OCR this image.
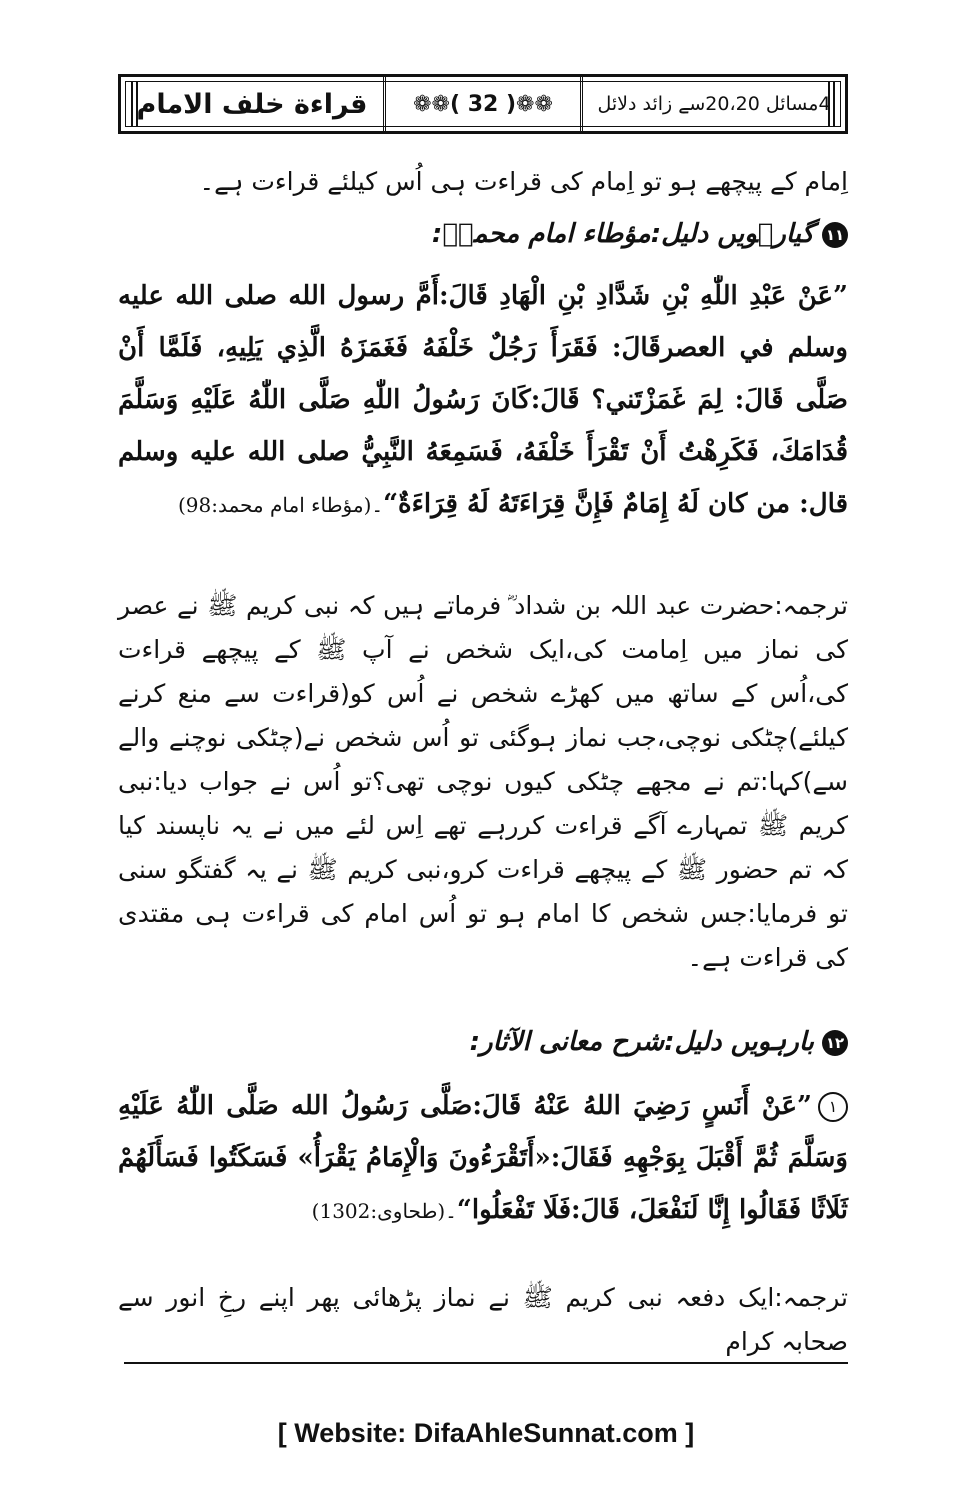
قراءة خلف الامام	❁❁( 32 )❁❁	4مسائل 20،20سے زائد دلائل
اِمام کے پیچھے ہو تو اِمام کی قراءت ہی اُس کیلئے قراءت ہے۔
۱۱گیارہویں دلیل:مؤطاء امام محمدؒ:
”عَنْ عَبْدِ اللّٰهِ بْنِ شَدَّادِ بْنِ الْهَادِ قَالَ:أَمَّ رسول الله صلى الله عليه وسلم في العصرقَالَ: فَقَرَأَ رَجُلٌ خَلْفَهُ فَغَمَزَهُ الَّذِي يَلِيهِ، فَلَمَّا أَنْ صَلَّى قَالَ: لِمَ غَمَزْتَني؟ قَالَ:كَانَ رَسُولُ اللّٰهِ صَلَّى اللّٰهُ عَلَيْهِ وَسَلَّمَ قُدَامَكَ، فَكَرِهْتُ أَنْ تَقْرَأَ خَلْفَهُ، فَسَمِعَهُ النَّبِيُّ صلى الله عليه وسلم قال: من كان لَهُ إِمَامٌ فَإِنَّ قِرَاءَتَهُ لَهُ قِرَاءَةٌ“۔(مؤطاء امام محمد:98)
ترجمہ:حضرت عبد اللہ بن شداد ؓ فرماتے ہیں کہ نبی کریم ﷺ نے عصر کی نماز میں اِمامت کی،ایک شخص نے آپ ﷺ کے پیچھے قراءت کی،اُس کے ساتھ میں کھڑے شخص نے اُس کو(قراءت سے منع کرنے کیلئے)چٹکی نوچی،جب نماز ہوگئی تو اُس شخص نے(چٹکی نوچنے والے سے)کہا:تم نے مجھے چٹکی کیوں نوچی تھی؟تو اُس نے جواب دیا:نبی کریم ﷺ تمہارے آگے قراءت کررہے تھے اِس لئے میں نے یہ ناپسند کیا کہ تم حضور ﷺ کے پیچھے قراءت کرو،نبی کریم ﷺ نے یہ گفتگو سنی تو فرمایا:جس شخص کا امام ہو تو اُس امام کی قراءت ہی مقتدی کی قراءت ہے۔
۱۲بارہویں دلیل:شرح معانی الآثار:
١”عَنْ أَنَسٍ رَضِيَ اللهُ عَنْهُ قَالَ:صَلَّى رَسُولُ الله صَلَّى اللّٰهُ عَلَيْهِ وَسَلَّمَ ثُمَّ أَقْبَلَ بِوَجْهِهِ فَقَالَ:«أَتَقْرَءُونَ وَالْإِمَامُ يَقْرَأُ» فَسَكَتُوا فَسَأَلَهُمْ ثَلَاثًا فَقَالُوا إِنَّا لَنَفْعَلَ، قَالَ:فَلَا تَفْعَلُوا“۔(طحاوی:1302)
ترجمہ:ایک دفعہ نبی کریم ﷺ نے نماز پڑھائی پھر اپنے رخِ انور سے صحابہ کرام
[ Website: DifaAhleSunnat.com ]
